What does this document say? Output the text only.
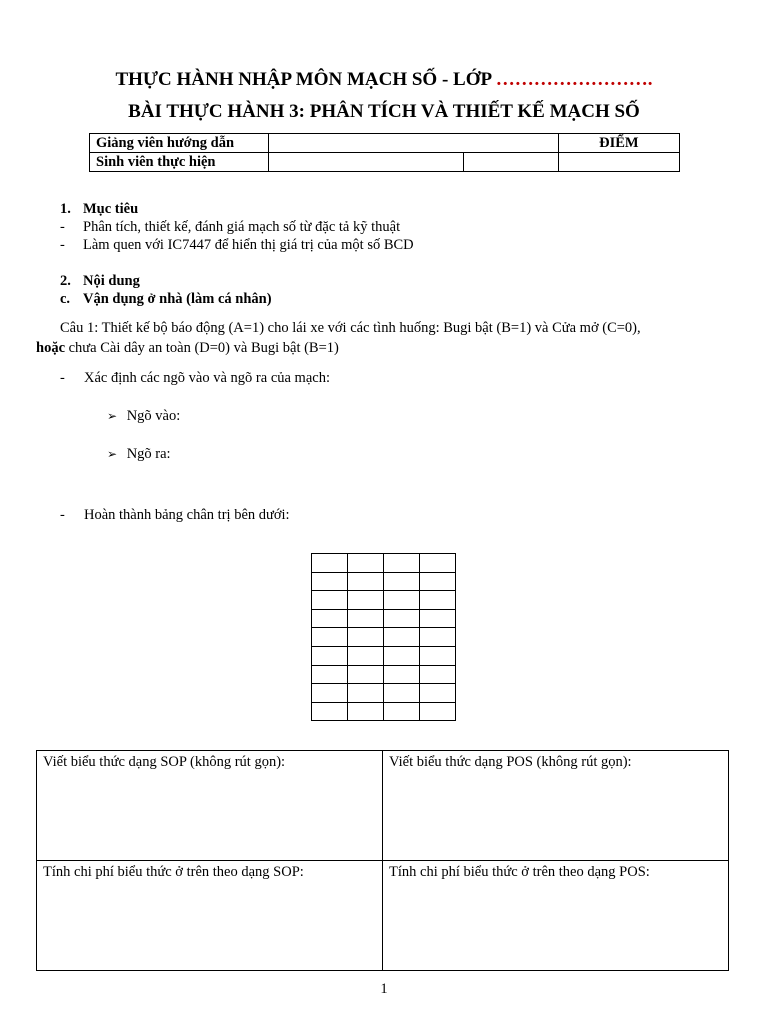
THỰC HÀNH NHẬP MÔN MẠCH SỐ - LỚP …………………….
BÀI THỰC HÀNH 3: PHÂN TÍCH VÀ THIẾT KẾ MẠCH SỐ
Giảng viên hướng dẫn			ĐIỂM
Sinh viên thực hiện			
1. Mục tiêu
- Phân tích, thiết kế, đánh giá mạch số từ đặc tả kỹ thuật
- Làm quen với IC7447 để hiển thị giá trị của một số BCD
2. Nội dung
c. Vận dụng ở nhà (làm cá nhân)
Câu 1: Thiết kế bộ báo động (A=1) cho lái xe với các tình huống: Bugi bật (B=1) và Cửa mở (C=0),
hoặc chưa Cài dây an toàn (D=0) và Bugi bật (B=1)
- Xác định các ngõ vào và ngõ ra của mạch:
➢ Ngõ vào:
➢ Ngõ ra:
- Hoàn thành bảng chân trị bên dưới:

Viết biểu thức dạng SOP (không rút gọn):	Viết biểu thức dạng POS (không rút gọn):
Tính chi phí biểu thức ở trên theo dạng SOP:	Tính chi phí biểu thức ở trên theo dạng POS:
1
